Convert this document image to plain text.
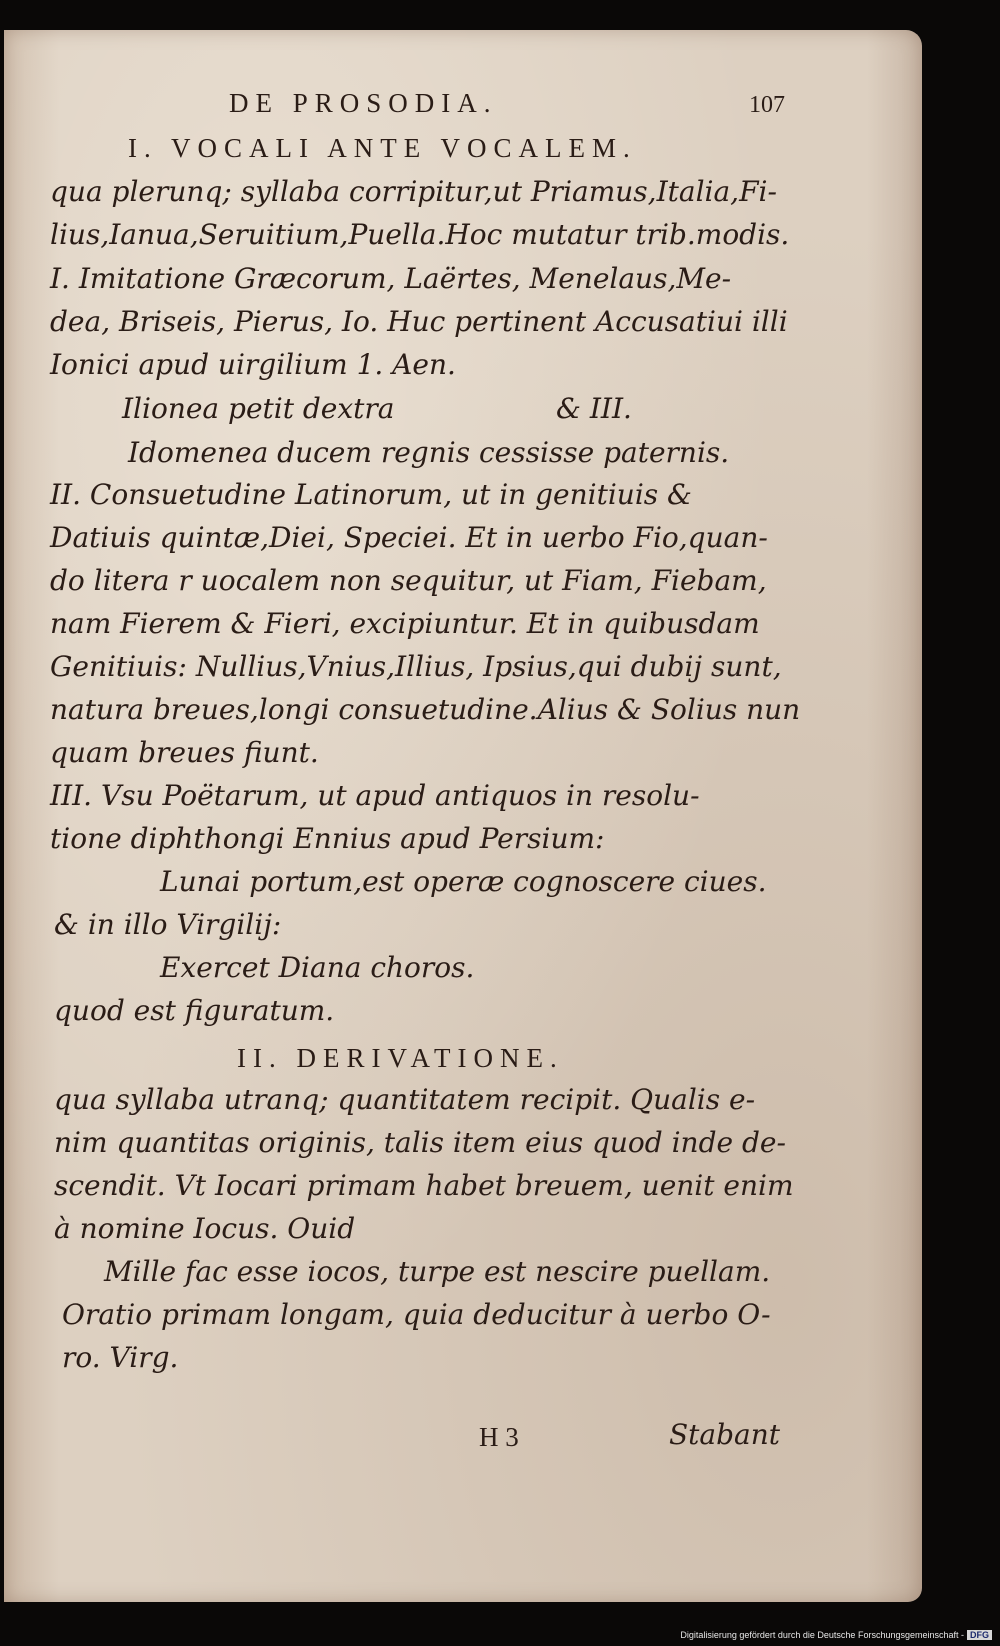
DE PROSODIA.	107
I. VOCALI ANTE VOCALEM.
qua plerunq; syllaba corripitur,ut Priamus,Italia,Fi-
lius,Ianua,Seruitium,Puella.Hoc mutatur trib.modis.
I. Imitatione Græcorum, Laërtes, Menelaus,Me-
dea, Briseis, Pierus, Io. Huc pertinent Accusatiui illi
Ionici apud uirgilium 1. Aen.
Ilionea petit dextra	& III.
Idomenea ducem regnis cessisse paternis.
II. Consuetudine Latinorum, ut in genitiuis &
Datiuis quintæ,Diei, Speciei. Et in uerbo Fio,quan-
do litera r uocalem non sequitur, ut Fiam, Fiebam,
nam Fierem & Fieri, excipiuntur. Et in quibusdam
Genitiuis: Nullius,Vnius,Illius, Ipsius,qui dubij sunt,
natura breues,longi consuetudine.Alius & Solius nun
quam breues fiunt.
III. Vsu Poëtarum, ut apud antiquos in resolu-
tione diphthongi Ennius apud Persium:
Lunai portum,est operæ cognoscere ciues.
& in illo Virgilij:
Exercet Diana choros.
quod est figuratum.
II. DERIVATIONE.
qua syllaba utranq; quantitatem recipit. Qualis e-
nim quantitas originis, talis item eius quod inde de-
scendit. Vt Iocari primam habet breuem, uenit enim
à nomine Iocus. Ouid
Mille fac esse iocos, turpe est nescire puellam.
Oratio primam longam, quia deducitur à uerbo O-
ro. Virg.
H 3	Stabant
Digitalisierung gefördert durch die Deutsche Forschungsgemeinschaft - DFG
